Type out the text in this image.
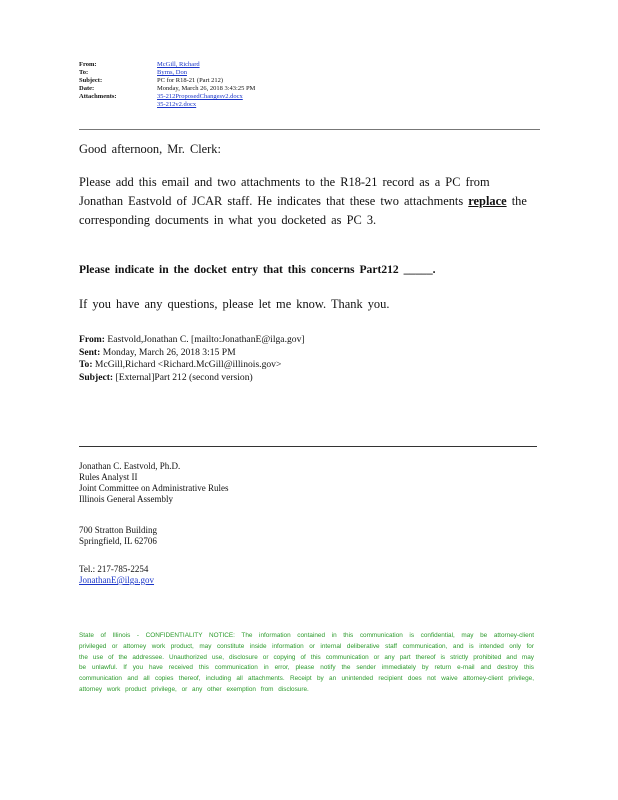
From:	McGill, Richard
To:	Byrns, Don
Subject:	PC for R18-21 (Part 212)
Date:	Monday, March 26, 2018 3:43:25 PM
Attachments:	35-212ProposedChangesv2.docx
35-212v2.docx
Good afternoon, Mr. Clerk:
Please add this email and two attachments to the R18-21 record as a PC from Jonathan Eastvold of JCAR staff. He indicates that these two attachments replace the corresponding documents in what you docketed as PC 3.
Please indicate in the docket entry that this concerns Part212 _____.
If you have any questions, please let me know. Thank you.
From: Eastvold,Jonathan C. [mailto:JonathanE@ilga.gov]
Sent: Monday, March 26, 2018 3:15 PM
To: McGill,Richard <Richard.McGill@illinois.gov>
Subject: [External]Part 212 (second version)
Jonathan C. Eastvold, Ph.D.
Rules Analyst II
Joint Committee on Administrative Rules
Illinois General Assembly
700 Stratton Building
Springfield, IL 62706
Tel.: 217-785-2254
JonathanE@ilga.gov
State of Illinois - CONFIDENTIALITY NOTICE: The information contained in this communication is confidential, may be attorney-client privileged or attorney work product, may constitute inside information or internal deliberative staff communication, and is intended only for the use of the addressee. Unauthorized use, disclosure or copying of this communication or any part thereof is strictly prohibited and may be unlawful. If you have received this communication in error, please notify the sender immediately by return e-mail and destroy this communication and all copies thereof, including all attachments. Receipt by an unintended recipient does not waive attorney-client privilege, attorney work product privilege, or any other exemption from disclosure.
